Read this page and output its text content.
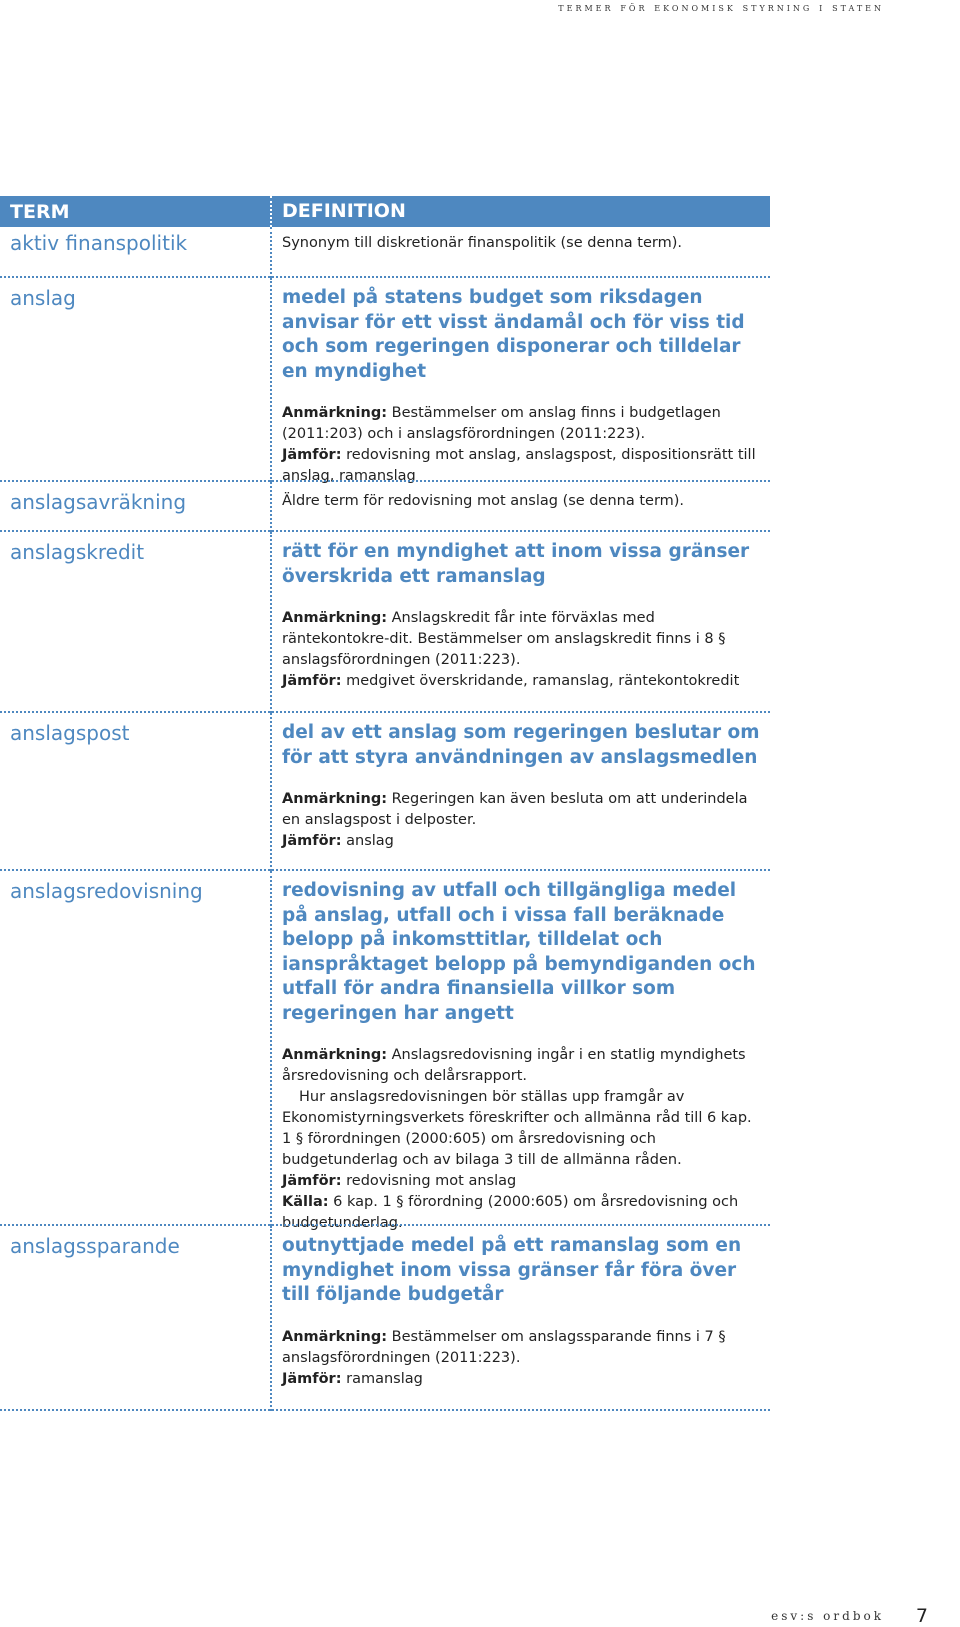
termer för ekonomisk styrning i staten
TERM	DEFINITION
aktiv finanspolitik	Synonym till diskretionär finanspolitik (se denna term).
anslag	medel på statens budget som riksdagen anvisar för ett visst ändamål och för viss tid och som regeringen disponerar och tilldelar en myndighet

Anmärkning: Bestämmelser om anslag finns i budgetlagen (2011:203) och i anslagsförordningen (2011:223).

Jämför: redovisning mot anslag, anslagspost, dispositionsrätt till anslag, ramanslag

anslagsavräkning	Äldre term för redovisning mot anslag (se denna term).
anslagskredit	rätt för en myndighet att inom vissa gränser överskrida ett ramanslag

Anmärkning: Anslagskredit får inte förväxlas med räntekontokre-dit. Bestämmelser om anslagskredit finns i 8 § anslagsförordningen (2011:223).

Jämför: medgivet överskridande, ramanslag, räntekontokredit

anslagspost	del av ett anslag som regeringen beslutar om för att styra användningen av anslagsmedlen

Anmärkning: Regeringen kan även besluta om att underindela en anslagspost i delposter.

Jämför: anslag

anslagsredovisning	redovisning av utfall och tillgängliga medel på anslag, utfall och i vissa fall beräknade belopp på inkomsttitlar, tilldelat och ianspråktaget belopp på bemyndiganden och utfall för andra finansiella villkor som regeringen har angett

Anmärkning: Anslagsredovisning ingår i en statlig myndighets årsredovisning och delårsrapport.

Hur anslagsredovisningen bör ställas upp framgår av Ekonomistyrningsverkets föreskrifter och allmänna råd till 6 kap. 1 § förordningen (2000:605) om årsredovisning och budgetunderlag och av bilaga 3 till de allmänna råden.

Jämför: redovisning mot anslag

Källa: 6 kap. 1 § förordning (2000:605) om årsredovisning och budgetunderlag.

anslagssparande	outnyttjade medel på ett ramanslag som en myndighet inom vissa gränser får föra över till följande budgetår

Anmärkning: Bestämmelser om anslagssparande finns i 7 § anslagsförordningen (2011:223).

Jämför: ramanslag

esv:s ordbok 7
